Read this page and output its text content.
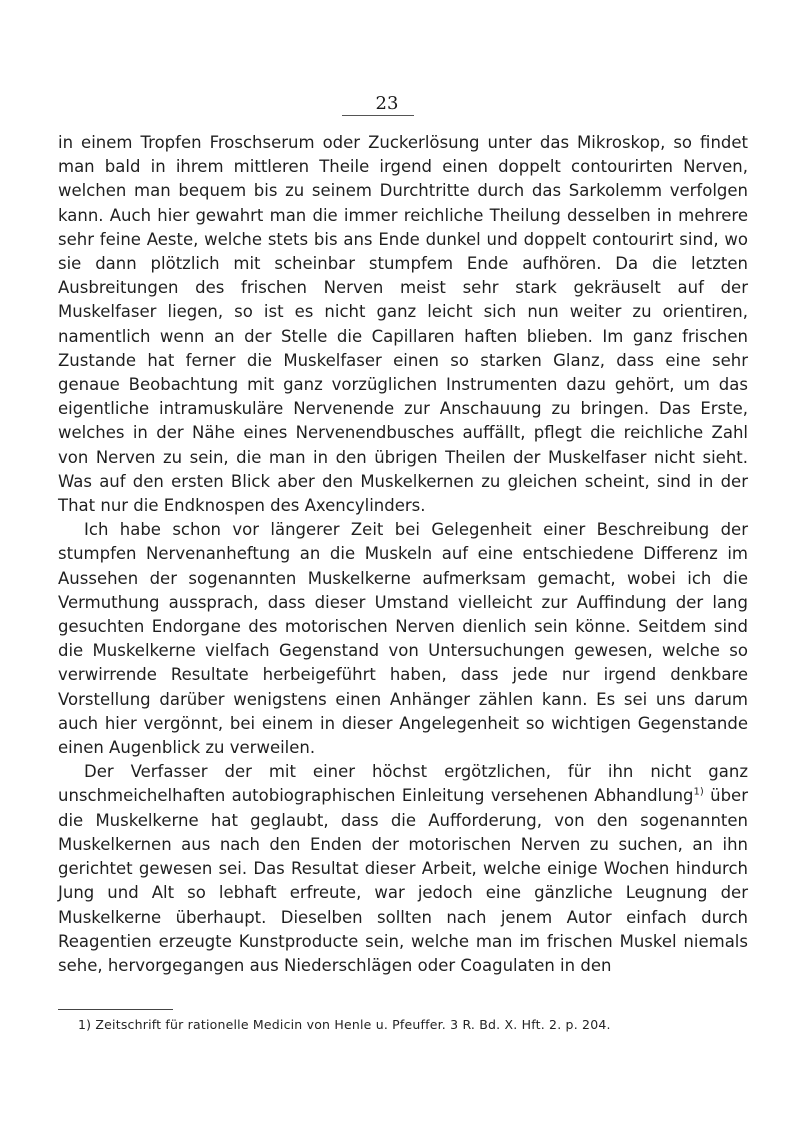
23

in einem Tropfen Froschserum oder Zuckerlösung unter das Mikroskop, so findet man bald in ihrem mittleren Theile irgend einen doppelt contourirten Nerven, welchen man bequem bis zu seinem Durchtritte durch das Sarkolemm verfolgen kann. Auch hier gewahrt man die immer reichliche Theilung desselben in mehrere sehr feine Aeste, welche stets bis ans Ende dunkel und doppelt contourirt sind, wo sie dann plötzlich mit scheinbar stumpfem Ende aufhören. Da die letzten Ausbreitungen des frischen Nerven meist sehr stark gekräuselt auf der Muskelfaser liegen, so ist es nicht ganz leicht sich nun weiter zu orientiren, namentlich wenn an der Stelle die Capillaren haften blieben. Im ganz frischen Zustande hat ferner die Muskelfaser einen so starken Glanz, dass eine sehr genaue Beobachtung mit ganz vorzüglichen Instrumenten dazu gehört, um das eigentliche intramuskuläre Nervenende zur Anschauung zu bringen. Das Erste, welches in der Nähe eines Nervenendbusches auffällt, pflegt die reichliche Zahl von Nerven zu sein, die man in den übrigen Theilen der Muskelfaser nicht sieht. Was auf den ersten Blick aber den Muskelkernen zu gleichen scheint, sind in der That nur die Endknospen des Axencylinders.

Ich habe schon vor längerer Zeit bei Gelegenheit einer Beschreibung der stumpfen Nervenanheftung an die Muskeln auf eine entschiedene Differenz im Aussehen der sogenannten Muskelkerne aufmerksam gemacht, wobei ich die Vermuthung aussprach, dass dieser Umstand vielleicht zur Auffindung der lang gesuchten Endorgane des motorischen Nerven dienlich sein könne. Seitdem sind die Muskelkerne vielfach Gegenstand von Untersuchungen gewesen, welche so verwirrende Resultate herbeigeführt haben, dass jede nur irgend denkbare Vorstellung darüber wenigstens einen Anhänger zählen kann. Es sei uns darum auch hier vergönnt, bei einem in dieser Angelegenheit so wichtigen Gegenstande einen Augenblick zu verweilen.

Der Verfasser der mit einer höchst ergötzlichen, für ihn nicht ganz unschmeichelhaften autobiographischen Einleitung versehenen Abhandlung$^{1)}$ über die Muskelkerne hat geglaubt, dass die Aufforderung, von den sogenannten Muskelkernen aus nach den Enden der motorischen Nerven zu suchen, an ihn gerichtet gewesen sei. Das Resultat dieser Arbeit, welche einige Wochen hindurch Jung und Alt so lebhaft erfreute, war jedoch eine gänzliche Leugnung der Muskelkerne überhaupt. Dieselben sollten nach jenem Autor einfach durch Reagentien erzeugte Kunstproducte sein, welche man im frischen Muskel niemals sehe, hervorgegangen aus Niederschlägen oder Coagulaten in den

1) Zeitschrift für rationelle Medicin von Henle u. Pfeuffer. 3 R. Bd. X. Hft. 2. p. 204.
